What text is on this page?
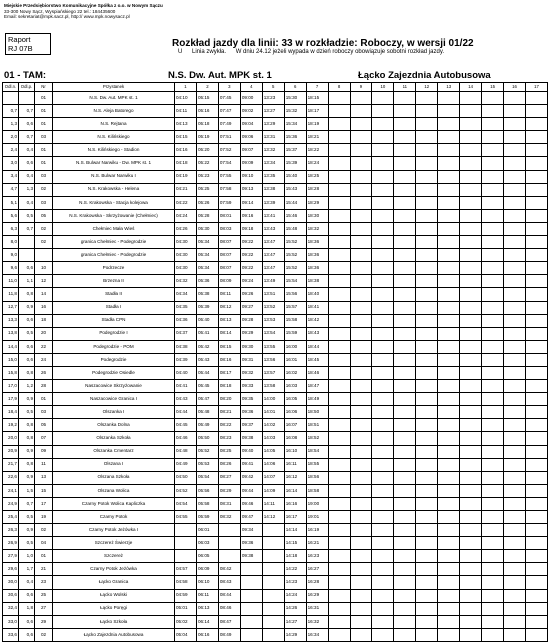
Miejskie Przedsiębiorstwo Komunikacyjne Spółka z o.o. w Nowym Sączu
33-300 Nowy Sącz, Wyspiańskiego 22 tel.: 184435600
Email: sekretariat@mpk.sacz.pl, http:// www.mpk.nowysacz.pl
Raport
RJ 07B	Rozkład jazdy dla linii: 33 w rozkładzie: Roboczy, w wersji 01/22
U Linia zwykła. W dniu 24.12 jeżeli wypada w dzień roboczy obowiązuje sobotni rozkład jazdy.
01 - TAM:	N.S. Dw. Aut. MPK st. 1	Łącko Zajezdnia Autobusowa
Odl.n.	Odl.p.	Nr	Przystanek	1	2	3	4	5	6	7	8	9	10	11	12	13	14	15	16	17
		01	N.S. Dw. Aut. MPK st. 1	04:10	05:15	07:45	09:00	13:23	15:30	18:15										
0,7	0,7	01	N.S. Aleja Batorego	04:11	05:16	07:47	09:02	13:27	15:32	18:17										
1,3	0,6	01	N.S. Rejtana	04:13	05:18	07:49	09:04	13:29	15:34	18:19										
2,0	0,7	03	N.S. Kilińskiego	04:15	05:19	07:51	09:06	13:31	15:36	18:21										
2,4	0,4	01	N.S. Kilińskiego - Stadion	04:16	05:20	07:52	09:07	13:32	15:37	18:22										
3,0	0,6	01	N.S. Bulwar Narwiku - Dw. MPK st. 1	04:18	05:22	07:54	09:09	13:34	15:39	18:24										
3,4	0,4	03	N.S. Bulwar Narwiku I	04:19	05:23	07:55	09:10	13:35	15:40	18:25										
4,7	1,3	02	N.S. Krakowska - Helena	04:21	05:25	07:58	09:13	13:38	15:43	18:28										
5,1	0,4	03	N.S. Krakowska - Stacja kolejowa	04:22	05:26	07:59	09:14	13:39	15:44	18:29										
5,6	0,5	05	N.S. Krakowska - Skrzyżowanie (Chełmiec)	04:24	05:28	08:01	09:16	13:41	15:46	18:30										
6,3	0,7	02	Chełmiec Mała Wieś	04:26	05:30	08:03	09:18	13:43	15:48	18:32										
8,0		02	granica Chełmiec - Podegrodzie	04:30	05:34	08:07	09:22	13:47	15:52	18:36										
9,0			granica Chełmiec - Podegrodzie	04:30	05:34	08:07	09:22	13:47	15:52	18:36										
9,6	0,6	10	Podrzecze	04:30	05:34	08:07	09:22	13:47	15:52	18:36										
11,0	1,1	12	Brzezna II	04:32	05:36	08:09	09:24	13:49	15:54	18:38										
11,8	0,8	14	Stadła II	04:34	05:38	08:11	09:26	13:51	15:56	18:40										
12,7	0,9	16	Stadła I	04:35	05:39	08:12	09:27	13:52	15:57	18:41										
13,3	0,6	18	Stadła CPN	04:36	05:40	08:13	09:28	13:53	15:58	18:42										
13,8	0,5	20	Podegrodzie I	04:37	05:41	08:14	09:29	13:54	15:59	18:43										
14,4	0,6	22	Podegrodzie - POM	04:38	05:42	08:15	09:30	13:55	16:00	18:44										
15,0	0,6	24	Podegrodzie	04:39	05:43	08:16	09:31	13:56	16:01	18:45										
15,8	0,8	26	Podegrodzie Osiedle	04:40	05:44	08:17	09:32	13:57	16:02	18:46										
17,0	1,2	28	Naszacowice Skrzyżowanie	04:41	05:45	08:18	09:33	13:58	16:03	18:47										
17,9	0,9	01	Naszacowice Granica I	04:43	05:47	08:20	09:35	14:00	16:05	18:49										
18,4	0,5	03	Olszanka I	04:44	05:48	08:21	09:36	14:01	16:06	18:50										
19,2	0,8	05	Olszanka Dolna	04:45	05:49	08:22	09:37	14:02	16:07	18:51										
20,0	0,8	07	Olszanka Szkoła	04:46	05:50	08:23	09:38	14:03	16:08	18:52										
20,9	0,9	09	Olszanka Cmentarz	04:48	05:52	08:25	09:40	14:05	16:10	18:54										
21,7	0,8	11	Olszana I	04:49	05:53	08:26	09:41	14:06	16:11	18:55										
22,6	0,9	13	Olszana Szkoła	04:50	05:54	08:27	09:42	14:07	16:12	18:56										
24,1	1,5	15	Olszana Wolica	04:52	05:56	08:29	09:44	14:09	16:14	18:58										
24,9	0,7	17	Czarny Potok Wolica Kapliczka	04:54	05:58	08:31	09:46	14:11	16:16	19:00										
25,4	0,5	19	Czarny Potok	04:55	05:59	08:32	09:47	14:12	16:17	19:01										
26,3	0,9	02	Czarny Potok Jeżówka I		06:01		09:34		14:14	16:19										
26,9	0,5	04	Szczereż Świerzje		06:03		09:36		14:15	16:21										
27,9	1,0	01	Szczereż		06:05		09:38		14:18	16:23										
29,6	1,7	21	Czarny Potok Jeżówka	04:57	06:09	08:42			14:22	16:27										
30,0	0,4	23	Łącko Granica	04:58	06:10	08:43			14:23	16:28										
30,6	0,6	25	Łącko Wolski	04:59	06:11	08:44			14:24	16:29										
32,4	1,8	27	Łącko Poręgi	05:01	06:13	08:46			14:26	16:31										
33,0	0,6	29	Łącko Szkoła	05:02	06:14	08:47			14:27	16:32										
33,6	0,6	02	Łącko Zajezdnia Autobusowa	05:04	06:16	08:49			14:29	16:34										
